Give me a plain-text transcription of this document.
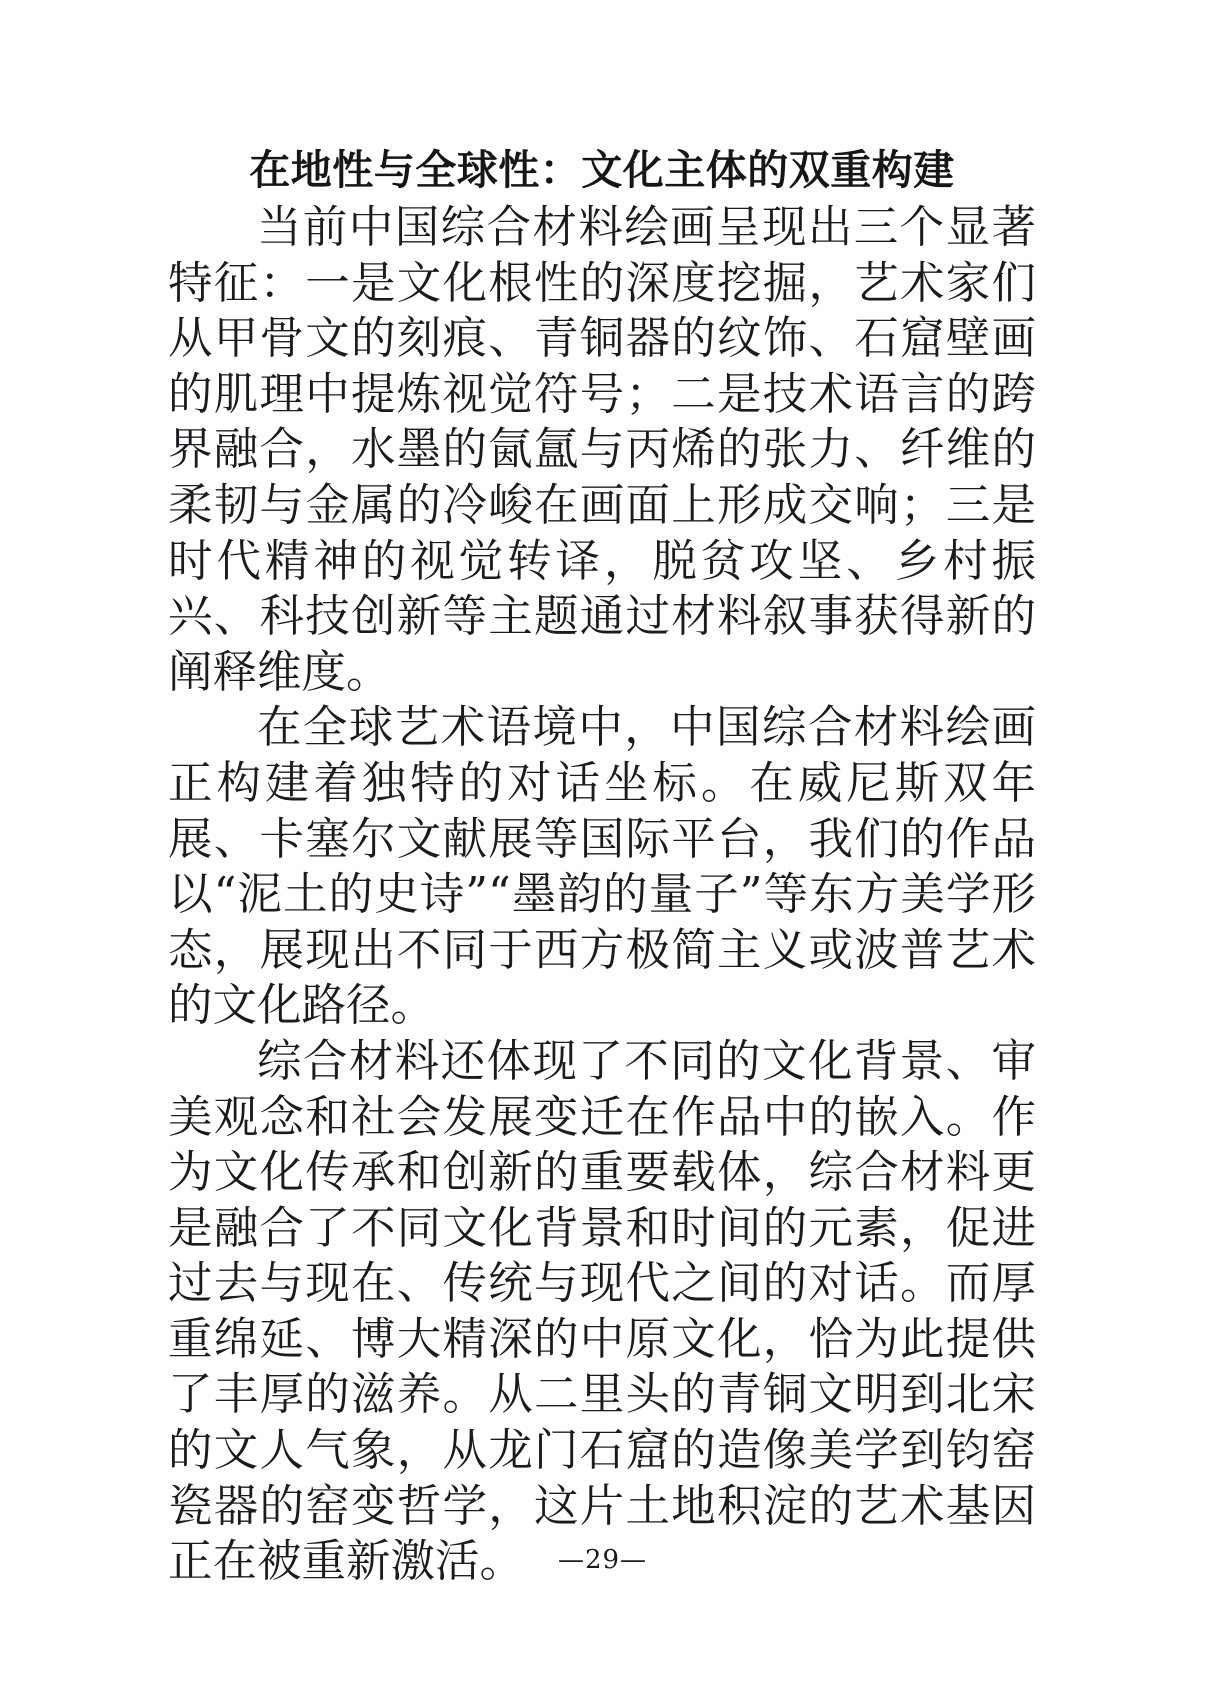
在地性与全球性：文化主体的双重构建

当前中国综合材料绘画呈现出三个显著特征：一是文化根性的深度挖掘，艺术家们从甲骨文的刻痕、青铜器的纹饰、石窟壁画的肌理中提炼视觉符号；二是技术语言的跨界融合，水墨的氤氲与丙烯的张力、纤维的柔韧与金属的冷峻在画面上形成交响；三是时代精神的视觉转译，脱贫攻坚、乡村振兴、科技创新等主题通过材料叙事获得新的阐释维度。

在全球艺术语境中，中国综合材料绘画正构建着独特的对话坐标。在威尼斯双年展、卡塞尔文献展等国际平台，我们的作品以“泥土的史诗”“墨韵的量子”等东方美学形态，展现出不同于西方极简主义或波普艺术的文化路径。

综合材料还体现了不同的文化背景、审美观念和社会发展变迁在作品中的嵌入。作为文化传承和创新的重要载体，综合材料更是融合了不同文化背景和时间的元素，促进过去与现在、传统与现代之间的对话。而厚重绵延、博大精深的中原文化，恰为此提供了丰厚的滋养。从二里头的青铜文明到北宋的文人气象，从龙门石窟的造像美学到钧窑瓷器的窑变哲学，这片土地积淀的艺术基因正在被重新激活。	—29—
